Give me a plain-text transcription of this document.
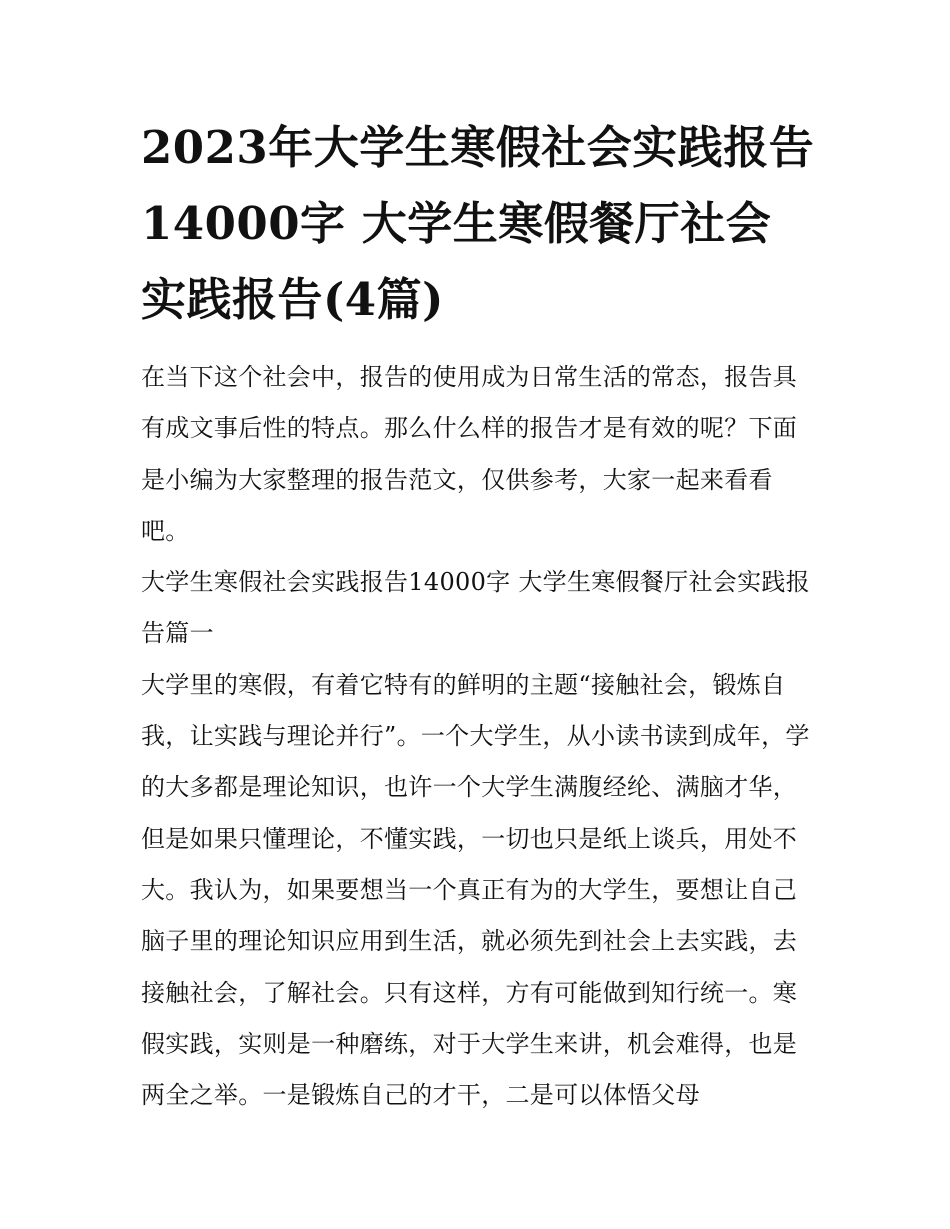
2023年大学生寒假社会实践报告14000字 大学生寒假餐厅社会实践报告(4篇)

在当下这个社会中，报告的使用成为日常生活的常态，报告具有成文事后性的特点。那么什么样的报告才是有效的呢？下面是小编为大家整理的报告范文，仅供参考，大家一起来看看吧。

大学生寒假社会实践报告14000字 大学生寒假餐厅社会实践报告篇一

大学里的寒假，有着它特有的鲜明的主题“接触社会，锻炼自我，让实践与理论并行”。一个大学生，从小读书读到成年，学的大多都是理论知识，也许一个大学生满腹经纶、满脑才华，但是如果只懂理论，不懂实践，一切也只是纸上谈兵，用处不大。我认为，如果要想当一个真正有为的大学生，要想让自己脑子里的理论知识应用到生活，就必须先到社会上去实践，去接触社会，了解社会。只有这样，方有可能做到知行统一。寒假实践，实则是一种磨练，对于大学生来讲，机会难得，也是两全之举。一是锻炼自己的才干，二是可以体悟父母
